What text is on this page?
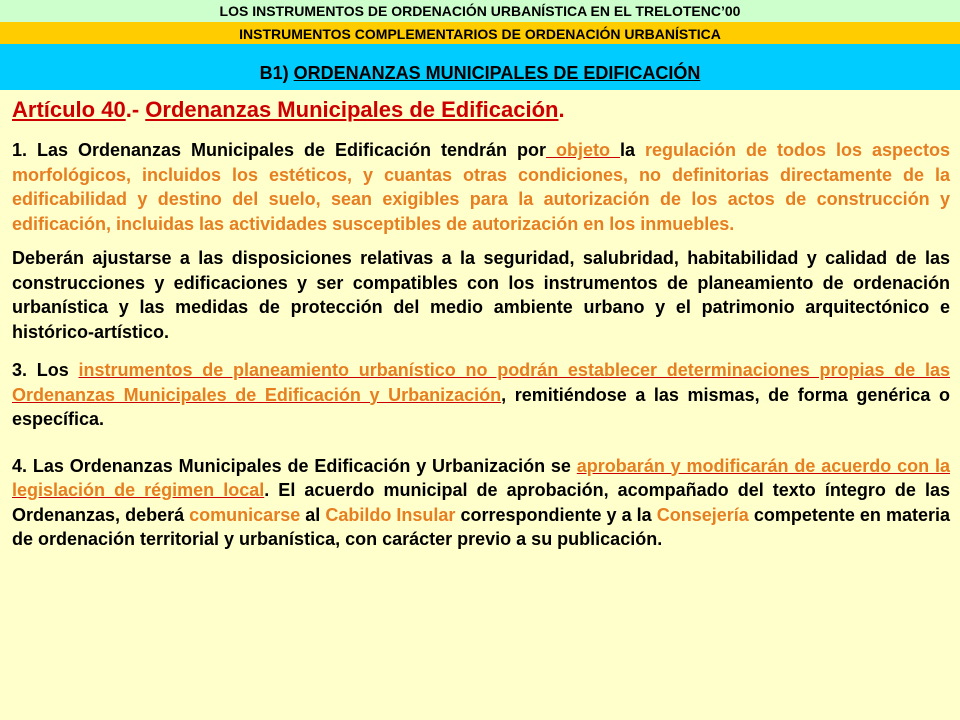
LOS INSTRUMENTOS DE ORDENACIÓN URBANÍSTICA EN EL TRELOTENC’00
INSTRUMENTOS COMPLEMENTARIOS DE ORDENACIÓN URBANÍSTICA
B1) ORDENANZAS MUNICIPALES DE EDIFICACIÓN
Artículo 40.- Ordenanzas Municipales de Edificación.

1. Las Ordenanzas Municipales de Edificación tendrán por objeto la regulación de todos los aspectos morfológicos, incluidos los estéticos, y cuantas otras condiciones, no definitorias directamente de la edificabilidad y destino del suelo, sean exigibles para la autorización de los actos de construcción y edificación, incluidas las actividades susceptibles de autorización en los inmuebles.

Deberán ajustarse a las disposiciones relativas a la seguridad, salubridad, habitabilidad y calidad de las construcciones y edificaciones y ser compatibles con los instrumentos de planeamiento de ordenación urbanística y las medidas de protección del medio ambiente urbano y el patrimonio arquitectónico e histórico-artístico.

3. Los instrumentos de planeamiento urbanístico no podrán establecer determinaciones propias de las Ordenanzas Municipales de Edificación y Urbanización, remitiéndose a las mismas, de forma genérica o específica.

4. Las Ordenanzas Municipales de Edificación y Urbanización se aprobarán y modificarán de acuerdo con la legislación de régimen local. El acuerdo municipal de aprobación, acompañado del texto íntegro de las Ordenanzas, deberá comunicarse al Cabildo Insular correspondiente y a la Consejería competente en materia de ordenación territorial y urbanística, con carácter previo a su publicación.
